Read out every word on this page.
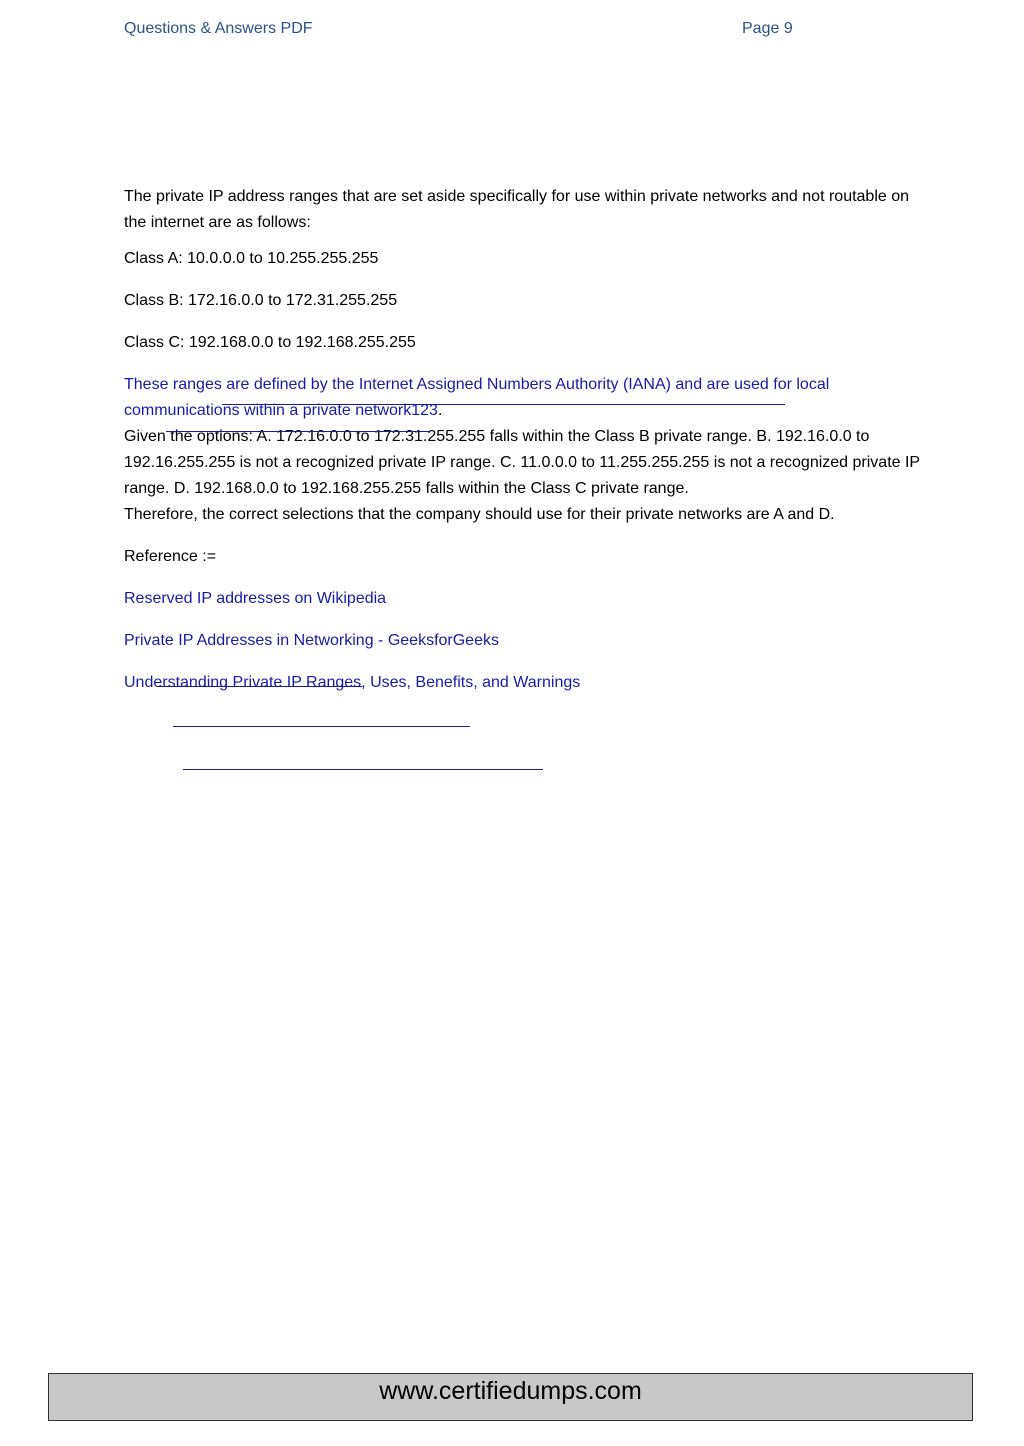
Questions & Answers PDF	Page 9

The private IP address ranges that are set aside specifically for use within private networks and not routable on the internet are as follows:

Class A: 10.0.0.0 to 10.255.255.255

Class B: 172.16.0.0 to 172.31.255.255

Class C: 192.168.0.0 to 192.168.255.255

These ranges are defined by the Internet Assigned Numbers Authority (IANA) and are used for local communications within a private network123.

Given the options: A. 172.16.0.0 to 172.31.255.255 falls within the Class B private range. B. 192.16.0.0 to 192.16.255.255 is not a recognized private IP range. C. 11.0.0.0 to 11.255.255.255 is not a recognized private IP range. D. 192.168.0.0 to 192.168.255.255 falls within the Class C private range.

Therefore, the correct selections that the company should use for their private networks are A and D.

Reference :=

Reserved IP addresses on Wikipedia

Private IP Addresses in Networking - GeeksforGeeks

Understanding Private IP Ranges, Uses, Benefits, and Warnings

www.certifiedumps.com
